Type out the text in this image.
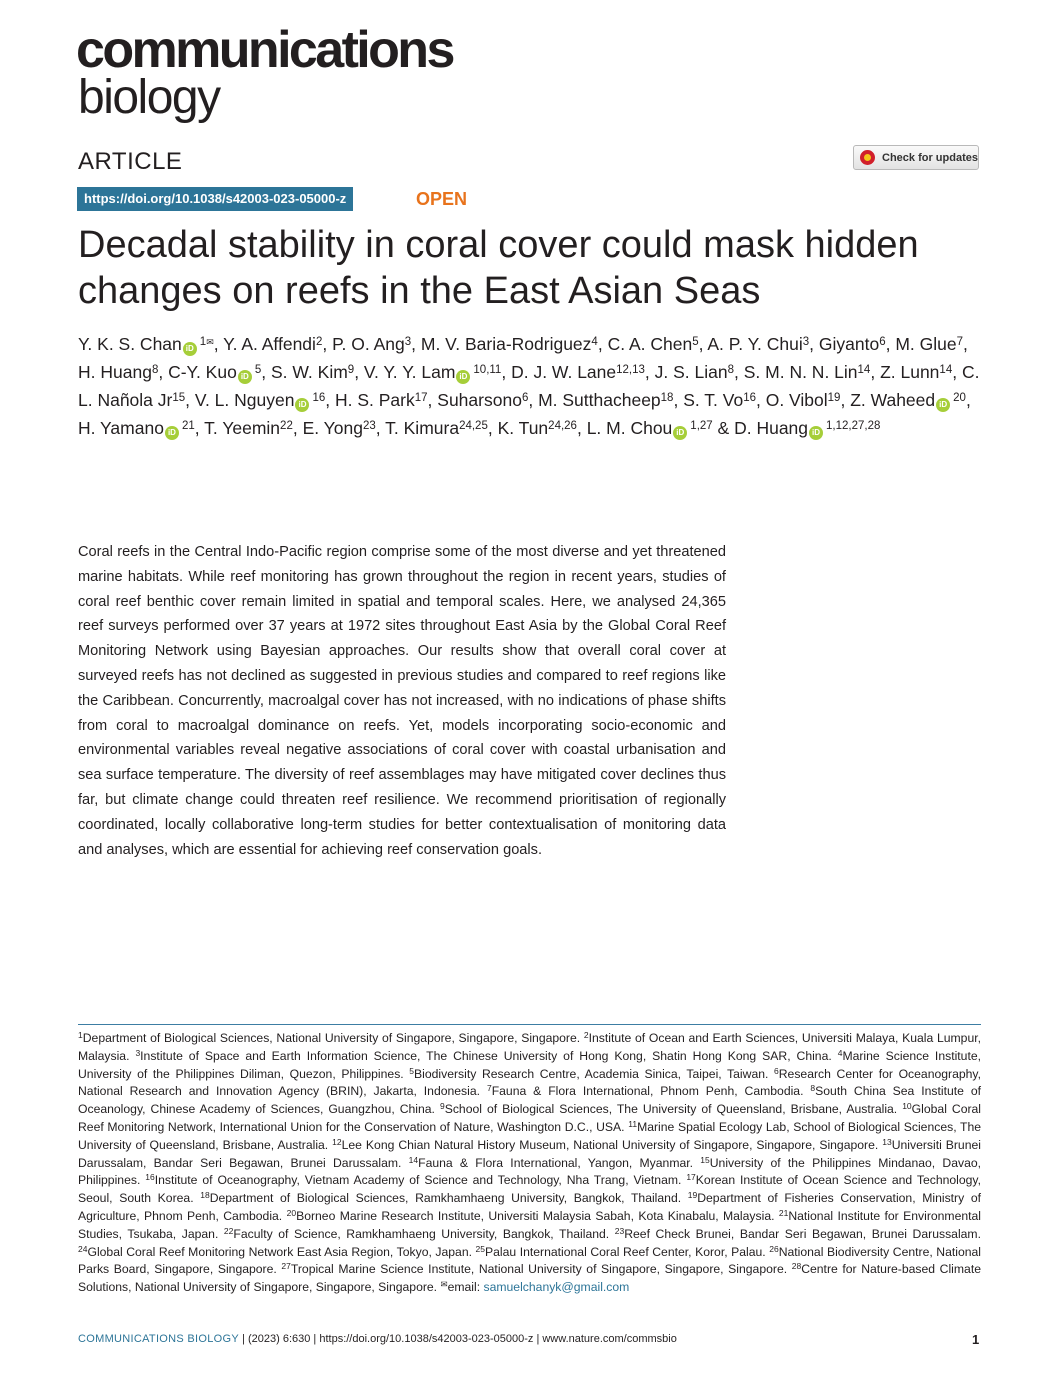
communications
biology
ARTICLE	Check for updates
https://doi.org/10.1038/s42003-023-05000-z	OPEN
Decadal stability in coral cover could mask hidden changes on reefs in the East Asian Seas
Y. K. S. Chan $iD^{1✉}$, Y. A. Affendi$^2$, P. O. Ang$^3$, M. V. Baria-Rodriguez$^4$, C. A. Chen$^5$, A. P. Y. Chui$^3$, Giyanto$^6$, M. Glue$^7$, H. Huang$^8$, C-Y. Kuo $iD^5$, S. W. Kim$^9$, V. Y. Y. Lam iD$^{10,11}$, D. J. W. Lane$^{12,13}$, J. S. Lian$^8$, S. M. N. N. Lin$^{14}$, Z. Lunn$^{14}$, C. L. Nañola Jr$^{15}$, V. L. Nguyen $iD^{16}$, H. S. Park$^{17}$, Suharsono$^6$, M. Sutthacheep$^{18}$, S. T. Vo$^{16}$, O. Vibol$^{19}$, Z. Waheed $iD^{20}$, H. Yamano $iD^{21}$, T. Yeemin$^{22}$, E. Yong$^{23}$, T. Kimura$^{24,25}$, K. Tun$^{24,26}$, L. M. Chou iD$^{1,27}$ & D. Huang iD$^{1,12,27,28}$

Coral reefs in the Central Indo-Pacific region comprise some of the most diverse and yet threatened marine habitats. While reef monitoring has grown throughout the region in recent years, studies of coral reef benthic cover remain limited in spatial and temporal scales. Here, we analysed 24,365 reef surveys performed over 37 years at 1972 sites throughout East Asia by the Global Coral Reef Monitoring Network using Bayesian approaches. Our results show that overall coral cover at surveyed reefs has not declined as suggested in previous studies and compared to reef regions like the Caribbean. Concurrently, macroalgal cover has not increased, with no indications of phase shifts from coral to macroalgal dominance on reefs. Yet, models incorporating socio-economic and environmental variables reveal negative associations of coral cover with coastal urbanisation and sea surface temperature. The diversity of reef assemblages may have mitigated cover declines thus far, but climate change could threaten reef resilience. We recommend prioritisation of regionally coordinated, locally collaborative long-term studies for better contextualisation of monitoring data and analyses, which are essential for achieving reef conservation goals.

$^1$Department of Biological Sciences, National University of Singapore, Singapore, Singapore. $^2$Institute of Ocean and Earth Sciences, Universiti Malaya, Kuala Lumpur, Malaysia. $^3$Institute of Space and Earth Information Science, The Chinese University of Hong Kong, Shatin Hong Kong SAR, China. $^4$Marine Science Institute, University of the Philippines Diliman, Quezon, Philippines. $^5$Biodiversity Research Centre, Academia Sinica, Taipei, Taiwan. $^6$Research Center for Oceanography, National Research and Innovation Agency (BRIN), Jakarta, Indonesia. $^7$Fauna & Flora International, Phnom Penh, Cambodia. $^8$South China Sea Institute of Oceanology, Chinese Academy of Sciences, Guangzhou, China. $^9$School of Biological Sciences, The University of Queensland, Brisbane, Australia. $^{10}$Global Coral Reef Monitoring Network, International Union for the Conservation of Nature, Washington D.C., USA. $^{11}$Marine Spatial Ecology Lab, School of Biological Sciences, The University of Queensland, Brisbane, Australia. $^{12}$Lee Kong Chian Natural History Museum, National University of Singapore, Singapore, Singapore. $^{13}$Universiti Brunei Darussalam, Bandar Seri Begawan, Brunei Darussalam. $^{14}$Fauna & Flora International, Yangon, Myanmar. $^{15}$University of the Philippines Mindanao, Davao, Philippines. $^{16}$Institute of Oceanography, Vietnam Academy of Science and Technology, Nha Trang, Vietnam. $^{17}$Korean Institute of Ocean Science and Technology, Seoul, South Korea. $^{18}$Department of Biological Sciences, Ramkhamhaeng University, Bangkok, Thailand. $^{19}$Department of Fisheries Conservation, Ministry of Agriculture, Phnom Penh, Cambodia. $^{20}$Borneo Marine Research Institute, Universiti Malaysia Sabah, Kota Kinabalu, Malaysia. $^{21}$National Institute for Environmental Studies, Tsukaba, Japan. $^{22}$Faculty of Science, Ramkhamhaeng University, Bangkok, Thailand. $^{23}$Reef Check Brunei, Bandar Seri Begawan, Brunei Darussalam. $^{24}$Global Coral Reef Monitoring Network East Asia Region, Tokyo, Japan. $^{25}$Palau International Coral Reef Center, Koror, Palau. $^{26}$National Biodiversity Centre, National Parks Board, Singapore, Singapore. $^{27}$Tropical Marine Science Institute, National University of Singapore, Singapore, Singapore. $^{28}$Centre for Nature-based Climate Solutions, National University of Singapore, Singapore, Singapore. ✉email: samuelchanyk@gmail.com
COMMUNICATIONS BIOLOGY | (2023) 6:630 | https://doi.org/10.1038/s42003-023-05000-z | www.nature.com/commsbio	1
